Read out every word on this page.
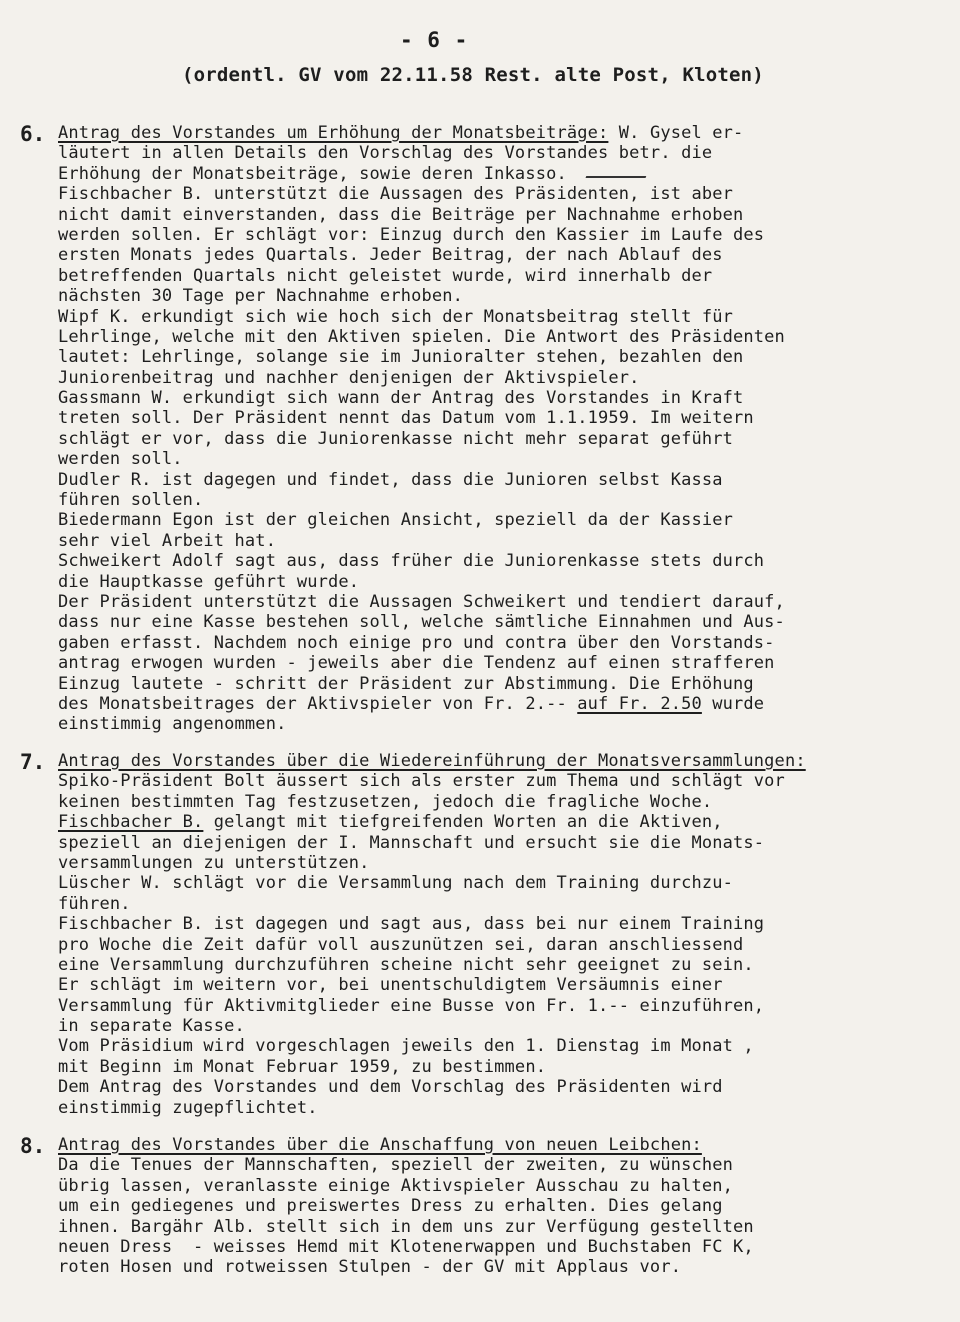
- 6 -
(ordentl. GV vom 22.11.58 Rest. alte Post, Kloten)
6. Antrag des Vorstandes um Erhöhung der Monatsbeiträge: W. Gysel er-
läutert in allen Details den Vorschlag des Vorstandes betr. die
Erhöhung der Monatsbeiträge, sowie deren Inkasso.
Fischbacher B. unterstützt die Aussagen des Präsidenten, ist aber
nicht damit einverstanden, dass die Beiträge per Nachnahme erhoben
werden sollen. Er schlägt vor: Einzug durch den Kassier im Laufe des
ersten Monats jedes Quartals. Jeder Beitrag, der nach Ablauf des
betreffenden Quartals nicht geleistet wurde, wird innerhalb der
nächsten 30 Tage per Nachnahme erhoben.
Wipf K. erkundigt sich wie hoch sich der Monatsbeitrag stellt für
Lehrlinge, welche mit den Aktiven spielen. Die Antwort des Präsidenten
lautet: Lehrlinge, solange sie im Junioralter stehen, bezahlen den
Juniorenbeitrag und nachher denjenigen der Aktivspieler.
Gassmann W. erkundigt sich wann der Antrag des Vorstandes in Kraft
treten soll. Der Präsident nennt das Datum vom 1.1.1959. Im weitern
schlägt er vor, dass die Juniorenkasse nicht mehr separat geführt
werden soll.
Dudler R. ist dagegen und findet, dass die Junioren selbst Kassa
führen sollen.
Biedermann Egon ist der gleichen Ansicht, speziell da der Kassier
sehr viel Arbeit hat.
Schweikert Adolf sagt aus, dass früher die Juniorenkasse stets durch
die Hauptkasse geführt wurde.
Der Präsident unterstützt die Aussagen Schweikert und tendiert darauf,
dass nur eine Kasse bestehen soll, welche sämtliche Einnahmen und Aus-
gaben erfasst. Nachdem noch einige pro und contra über den Vorstands-
antrag erwogen wurden - jeweils aber die Tendenz auf einen strafferen
Einzug lautete - schritt der Präsident zur Abstimmung. Die Erhöhung
des Monatsbeitrages der Aktivspieler von Fr. 2.-- auf Fr. 2.50 wurde
einstimmig angenommen.
7. Antrag des Vorstandes über die Wiedereinführung der Monatsversammlungen:
Spiko-Präsident Bolt äussert sich als erster zum Thema und schlägt vor
keinen bestimmten Tag festzusetzen, jedoch die fragliche Woche.
Fischbacher B. gelangt mit tiefgreifenden Worten an die Aktiven,
speziell an diejenigen der I. Mannschaft und ersucht sie die Monats-
versammlungen zu unterstützen.
Lüscher W. schlägt vor die Versammlung nach dem Training durchzu-
führen.
Fischbacher B. ist dagegen und sagt aus, dass bei nur einem Training
pro Woche die Zeit dafür voll auszunützen sei, daran anschliessend
eine Versammlung durchzuführen scheine nicht sehr geeignet zu sein.
Er schlägt im weitern vor, bei unentschuldigtem Versäumnis einer
Versammlung für Aktivmitglieder eine Busse von Fr. 1.-- einzuführen,
in separate Kasse.
Vom Präsidium wird vorgeschlagen jeweils den 1. Dienstag im Monat ,
mit Beginn im Monat Februar 1959, zu bestimmen.
Dem Antrag des Vorstandes und dem Vorschlag des Präsidenten wird
einstimmig zugepflichtet.
8. Antrag des Vorstandes über die Anschaffung von neuen Leibchen:
Da die Tenues der Mannschaften, speziell der zweiten, zu wünschen
übrig lassen, veranlasste einige Aktivspieler Ausschau zu halten,
um ein gediegenes und preiswertes Dress zu erhalten. Dies gelang
ihnen. Bargähr Alb. stellt sich in dem uns zur Verfügung gestellten
neuen Dress  - weisses Hemd mit Klotenerwappen und Buchstaben FC K,
roten Hosen und rotweissen Stulpen - der GV mit Applaus vor.
